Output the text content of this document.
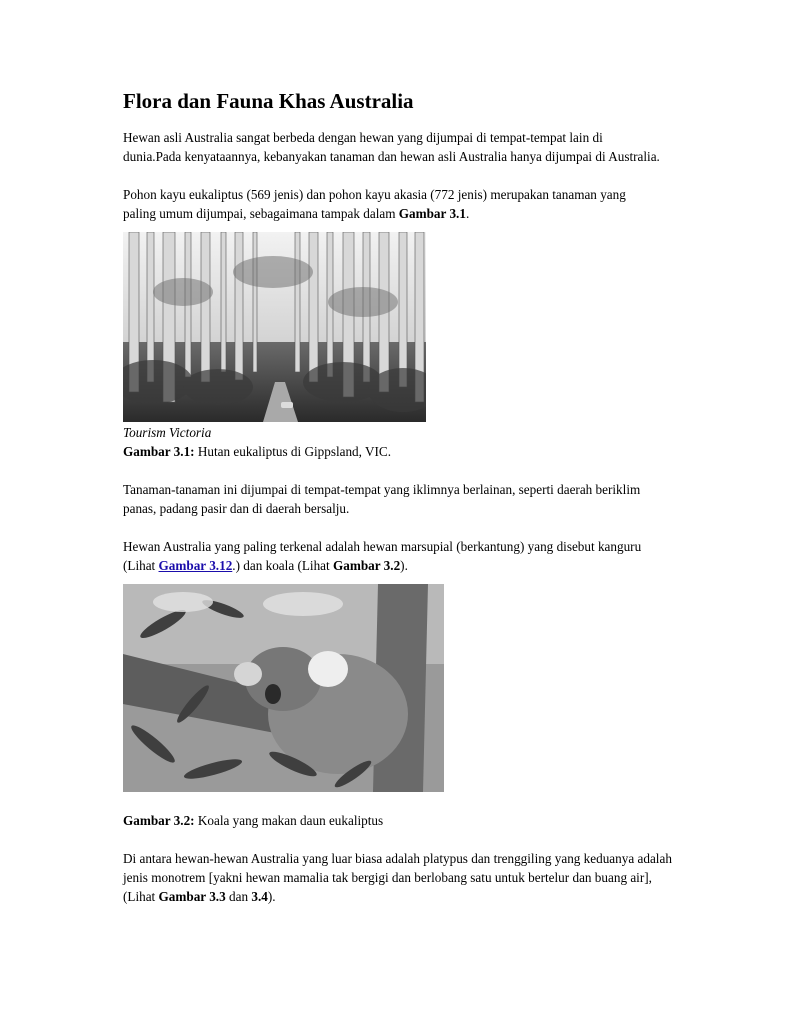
Flora dan Fauna Khas Australia

Hewan asli Australia sangat berbeda dengan hewan yang dijumpai di tempat-tempat lain di dunia.Pada kenyataannya, kebanyakan tanaman dan hewan asli Australia hanya dijumpai di Australia.

Pohon kayu eukaliptus (569 jenis) dan pohon kayu akasia (772 jenis) merupakan tanaman yang paling umum dijumpai, sebagaimana tampak dalam Gambar 3.1.

Tourism Victoria

Gambar 3.1: Hutan eukaliptus di Gippsland, VIC.

Tanaman-tanaman ini dijumpai di tempat-tempat yang iklimnya berlainan, seperti daerah beriklim panas, padang pasir dan di daerah bersalju.

Hewan Australia yang paling terkenal adalah hewan marsupial (berkantung) yang disebut kanguru (Lihat Gambar 3.12.) dan koala (Lihat Gambar 3.2).

Gambar 3.2: Koala yang makan daun eukaliptus

Di antara hewan-hewan Australia yang luar biasa adalah platypus dan trenggiling yang keduanya adalah jenis monotrem [yakni hewan mamalia tak bergigi dan berlobang satu untuk bertelur dan buang air], (Lihat Gambar 3.3 dan 3.4).
